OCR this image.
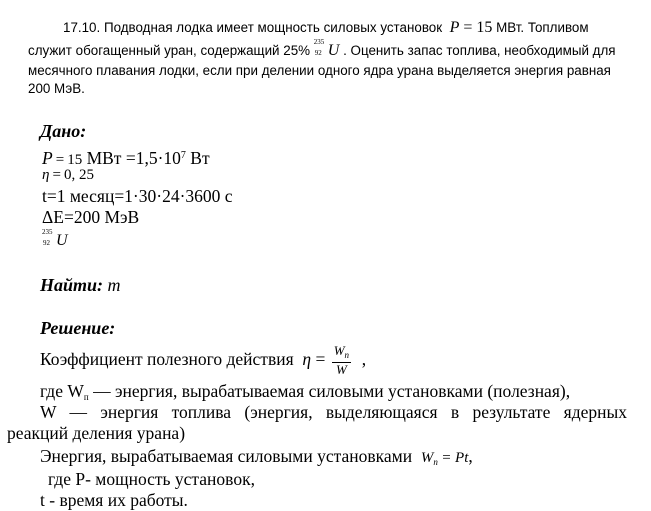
17.10. Подводная лодка имеет мощность силовых установок P = 15 МВт. Топливом
служит обогащенный уран, содержащий 25%
235
92 U . Оценить запас топлива, необходимый для
месячного плавания лодки, если при делении одного ядра урана выделяется энергия равная
200 МэВ.
Дано:
P  =  15 МВт $=1,5\cdot 10^7$ Вт
η  =  0, 25
t=1 месяц=1·30·24·3600 с
ΔE=200 МэВ
235
92 U
Найти: m
Решение:
Коэффициент полезного действия $\eta = \frac{W_п}{W}$ ,
где $W_п$ — энергия, вырабатываемая силовыми установками (полезная),
W — энергия топлива (энергия, выделяющаяся в результате ядерных
реакций деления урана)
Энергия, вырабатываемая силовыми установками $W_п = Pt$,
где P- мощность установок,
t - время их работы.
